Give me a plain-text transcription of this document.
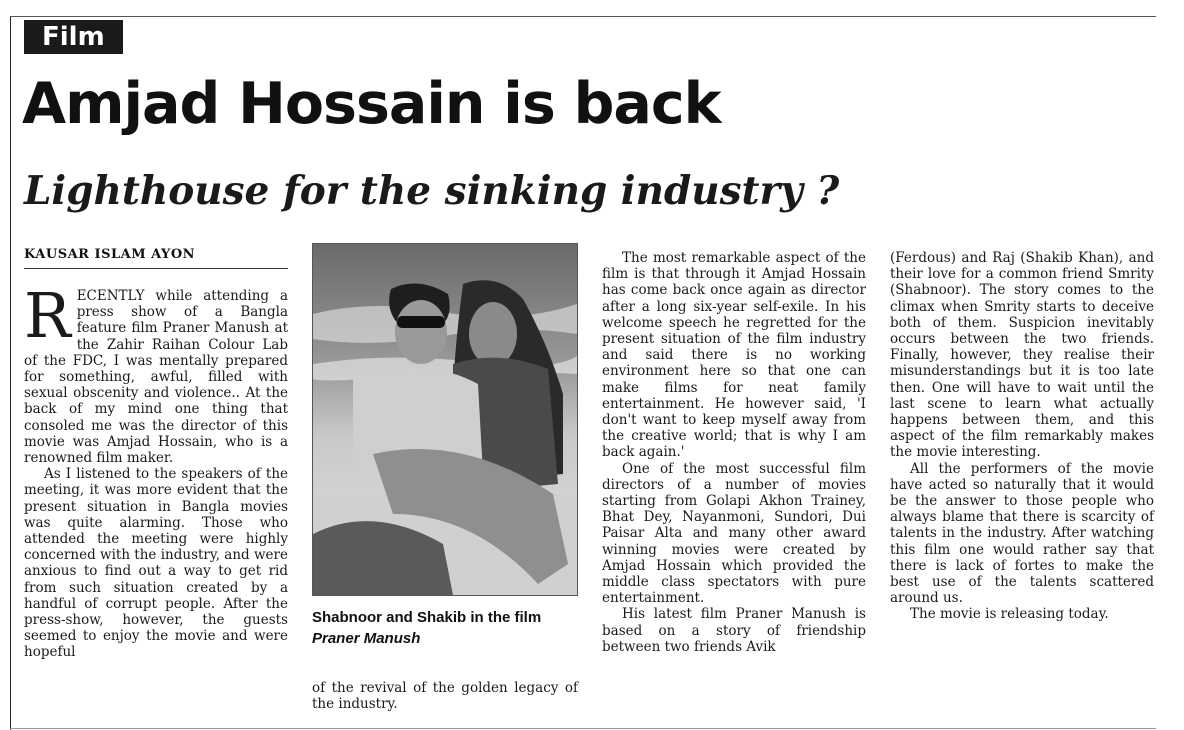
Film
Amjad Hossain is back
Lighthouse for the sinking industry ?
KAUSAR ISLAM AYON

RECENTLY while attending a press show of a Bangla feature film Praner Manush at the Zahir Raihan Colour Lab of the FDC, I was mentally prepared for something, awful, filled with sexual obscenity and violence.. At the back of my mind one thing that consoled me was the director of this movie was Amjad Hossain, who is a renowned film maker.

As I listened to the speakers of the meeting, it was more evident that the present situation in Bangla movies was quite alarming. Those who attended the meeting were highly concerned with the industry, and were anxious to find out a way to get rid from such situation created by a handful of corrupt people. After the press-show, however, the guests seemed to enjoy the movie and were hopeful

Shabnoor and Shakib in the film
Praner Manush

of the revival of the golden legacy of the industry.

The most remarkable aspect of the film is that through it Amjad Hossain has come back once again as director after a long six-year self-exile. In his welcome speech he regretted for the present situation of the film industry and said there is no working environment here so that one can make films for neat family entertainment. He however said, 'I don't want to keep myself away from the creative world; that is why I am back again.'

One of the most successful film directors of a number of movies starting from Golapi Akhon Trainey, Bhat Dey, Nayanmoni, Sundori, Dui Paisar Alta and many other award winning movies were created by Amjad Hossain which provided the middle class spectators with pure entertainment.

His latest film Praner Manush is based on a story of friendship between two friends Avik

(Ferdous) and Raj (Shakib Khan), and their love for a common friend Smrity (Shabnoor). The story comes to the climax when Smrity starts to deceive both of them. Suspicion inevitably occurs between the two friends. Finally, however, they realise their misunderstandings but it is too late then. One will have to wait until the last scene to learn what actually happens between them, and this aspect of the film remarkably makes the movie interesting.

All the performers of the movie have acted so naturally that it would be the answer to those people who always blame that there is scarcity of talents in the industry. After watching this film one would rather say that there is lack of fortes to make the best use of the talents scattered around us.

The movie is releasing today.
